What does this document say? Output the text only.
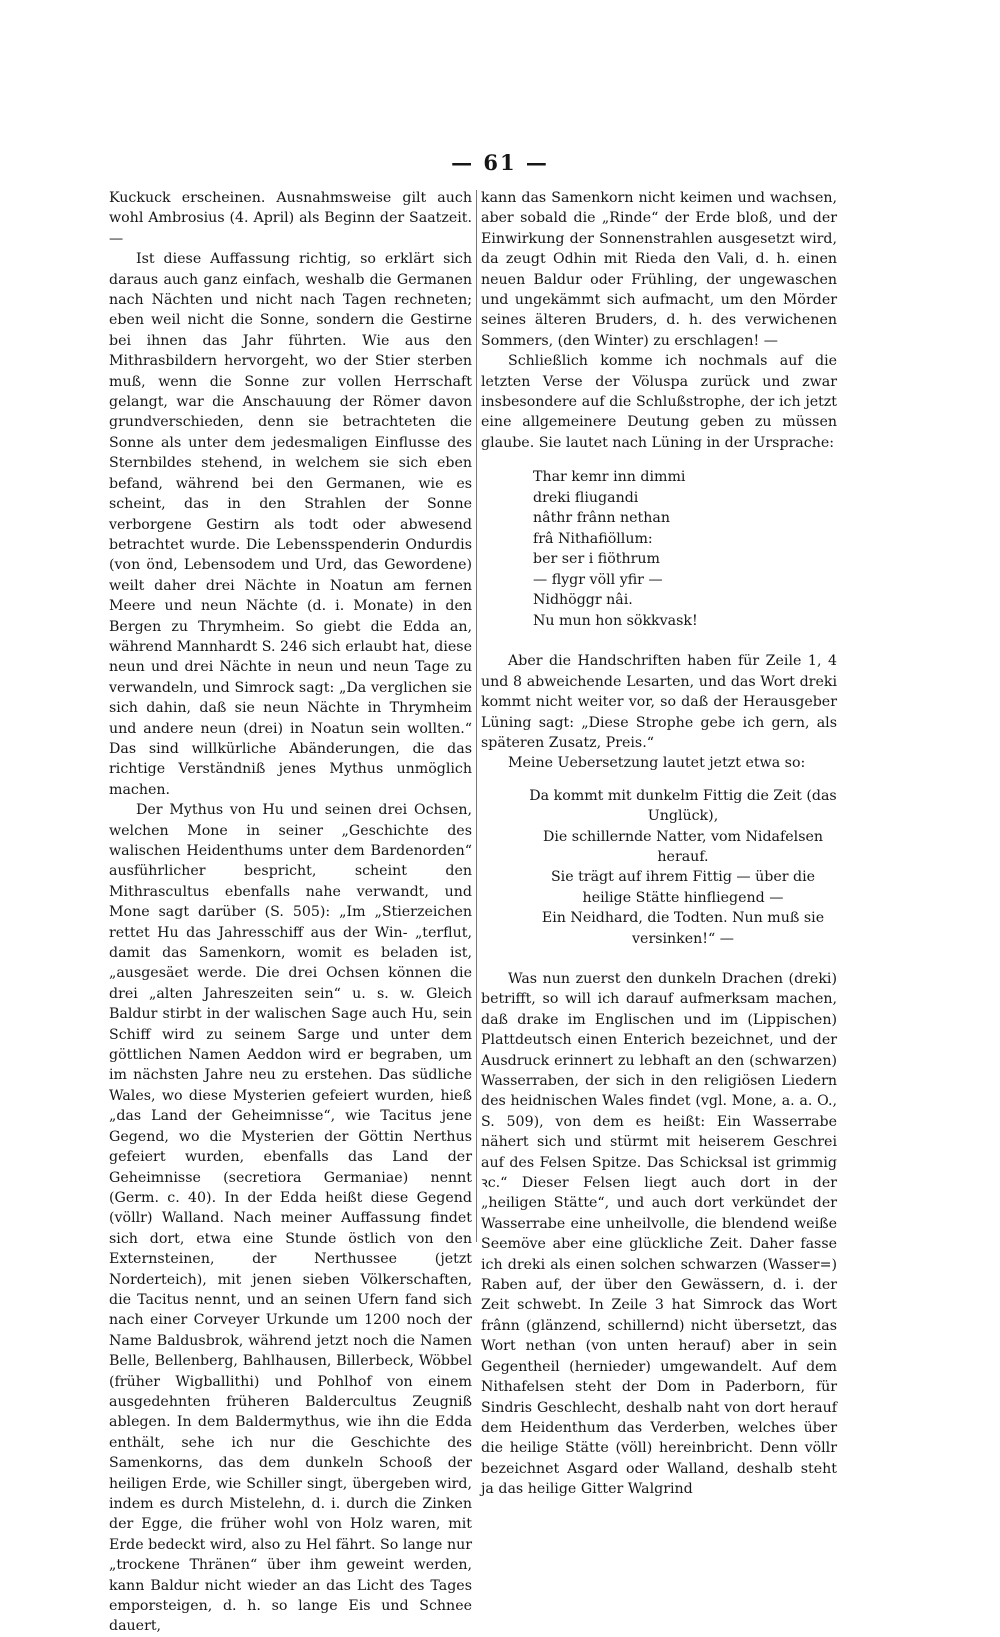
— 61 —

Kuckuck erscheinen. Ausnahmsweise gilt auch wohl Ambrosius (4. April) als Beginn der Saatzeit. —

Ist diese Auffassung richtig, so erklärt sich daraus auch ganz einfach, weshalb die Germanen nach Nächten und nicht nach Tagen rechneten; eben weil nicht die Sonne, sondern die Gestirne bei ihnen das Jahr führten. Wie aus den Mithrasbildern hervorgeht, wo der Stier sterben muß, wenn die Sonne zur vollen Herrschaft gelangt, war die Anschauung der Römer davon grundverschieden, denn sie betrachteten die Sonne als unter dem jedesmaligen Einflusse des Sternbildes stehend, in welchem sie sich eben befand, während bei den Germanen, wie es scheint, das in den Strahlen der Sonne verborgene Gestirn als todt oder abwesend betrachtet wurde. Die Lebensspenderin Ondurdis (von önd, Lebensodem und Urd, das Gewordene) weilt daher drei Nächte in Noatun am fernen Meere und neun Nächte (d. i. Monate) in den Bergen zu Thrymheim. So giebt die Edda an, während Mannhardt S. 246 sich erlaubt hat, diese neun und drei Nächte in neun und neun Tage zu verwandeln, und Simrock sagt: „Da verglichen sie sich dahin, daß sie neun Nächte in Thrymheim und andere neun (drei) in Noatun sein wollten.“ Das sind willkürliche Abänderungen, die das richtige Verständniß jenes Mythus unmöglich machen.

Der Mythus von Hu und seinen drei Ochsen, welchen Mone in seiner „Geschichte des walischen Heidenthums unter dem Bardenorden“ ausführlicher bespricht, scheint den Mithrascultus ebenfalls nahe verwandt, und Mone sagt darüber (S. 505): „Im „Stierzeichen rettet Hu das Jahresschiff aus der Win- „terflut, damit das Samenkorn, womit es beladen ist, „ausgesäet werde. Die drei Ochsen können die drei „alten Jahreszeiten sein“ u. s. w. Gleich Baldur stirbt in der walischen Sage auch Hu, sein Schiff wird zu seinem Sarge und unter dem göttlichen Namen Aeddon wird er begraben, um im nächsten Jahre neu zu erstehen. Das südliche Wales, wo diese Mysterien gefeiert wurden, hieß „das Land der Geheimnisse“, wie Tacitus jene Gegend, wo die Mysterien der Göttin Nerthus gefeiert wurden, ebenfalls das Land der Geheimnisse (secretiora Germaniae) nennt (Germ. c. 40). In der Edda heißt diese Gegend (völlr) Walland. Nach meiner Auffassung findet sich dort, etwa eine Stunde östlich von den Externsteinen, der Nerthussee (jetzt Norderteich), mit jenen sieben Völkerschaften, die Tacitus nennt, und an seinen Ufern fand sich nach einer Corveyer Urkunde um 1200 noch der Name Baldusbrok, während jetzt noch die Namen Belle, Bellenberg, Bahlhausen, Billerbeck, Wöbbel (früher Wigballithi) und Pohlhof von einem ausgedehnten früheren Baldercultus Zeugniß ablegen. In dem Baldermythus, wie ihn die Edda enthält, sehe ich nur die Geschichte des Samenkorns, das dem dunkeln Schooß der heiligen Erde, wie Schiller singt, übergeben wird, indem es durch Mistelehn, d. i. durch die Zinken der Egge, die früher wohl von Holz waren, mit Erde bedeckt wird, also zu Hel fährt. So lange nur „trockene Thränen“ über ihm geweint werden, kann Baldur nicht wieder an das Licht des Tages emporsteigen, d. h. so lange Eis und Schnee dauert,

kann das Samenkorn nicht keimen und wachsen, aber sobald die „Rinde“ der Erde bloß, und der Einwirkung der Sonnenstrahlen ausgesetzt wird, da zeugt Odhin mit Rieda den Vali, d. h. einen neuen Baldur oder Frühling, der ungewaschen und ungekämmt sich aufmacht, um den Mörder seines älteren Bruders, d. h. des verwichenen Sommers, (den Winter) zu erschlagen! —

Schließlich komme ich nochmals auf die letzten Verse der Völuspa zurück und zwar insbesondere auf die Schlußstrophe, der ich jetzt eine allgemeinere Deutung geben zu müssen glaube. Sie lautet nach Lüning in der Ursprache:

Thar kemr inn dimmi
dreki fliugandi
nâthr frânn nethan
frâ Nithafiöllum:
ber ser i fiöthrum
— flygr völl yfir —
Nidhöggr nâi.
Nu mun hon sökkvask!

Aber die Handschriften haben für Zeile 1, 4 und 8 abweichende Lesarten, und das Wort dreki kommt nicht weiter vor, so daß der Herausgeber Lüning sagt: „Diese Strophe gebe ich gern, als späteren Zusatz, Preis.“

Meine Uebersetzung lautet jetzt etwa so:

Da kommt mit dunkelm Fittig die Zeit (das Unglück),
Die schillernde Natter, vom Nidafelsen herauf.
Sie trägt auf ihrem Fittig — über die heilige Stätte hinfliegend —
Ein Neidhard, die Todten. Nun muß sie versinken!“ —

Was nun zuerst den dunkeln Drachen (dreki) betrifft, so will ich darauf aufmerksam machen, daß drake im Englischen und im (Lippischen) Plattdeutsch einen Enterich bezeichnet, und der Ausdruck erinnert zu lebhaft an den (schwarzen) Wasserraben, der sich in den religiösen Liedern des heidnischen Wales findet (vgl. Mone, a. a. O., S. 509), von dem es heißt: Ein Wasserrabe nähert sich und stürmt mit heiserem Geschrei auf des Felsen Spitze. Das Schicksal ist grimmig ꝛc.“ Dieser Felsen liegt auch dort in der „heiligen Stätte“, und auch dort verkündet der Wasserrabe eine unheilvolle, die blendend weiße Seemöve aber eine glückliche Zeit. Daher fasse ich dreki als einen solchen schwarzen (Wasser=) Raben auf, der über den Gewässern, d. i. der Zeit schwebt. In Zeile 3 hat Simrock das Wort frânn (glänzend, schillernd) nicht übersetzt, das Wort nethan (von unten herauf) aber in sein Gegentheil (hernieder) umgewandelt. Auf dem Nithafelsen steht der Dom in Paderborn, für Sindris Geschlecht, deshalb naht von dort herauf dem Heidenthum das Verderben, welches über die heilige Stätte (völl) hereinbricht. Denn völlr bezeichnet Asgard oder Walland, deshalb steht ja das heilige Gitter Walgrind
